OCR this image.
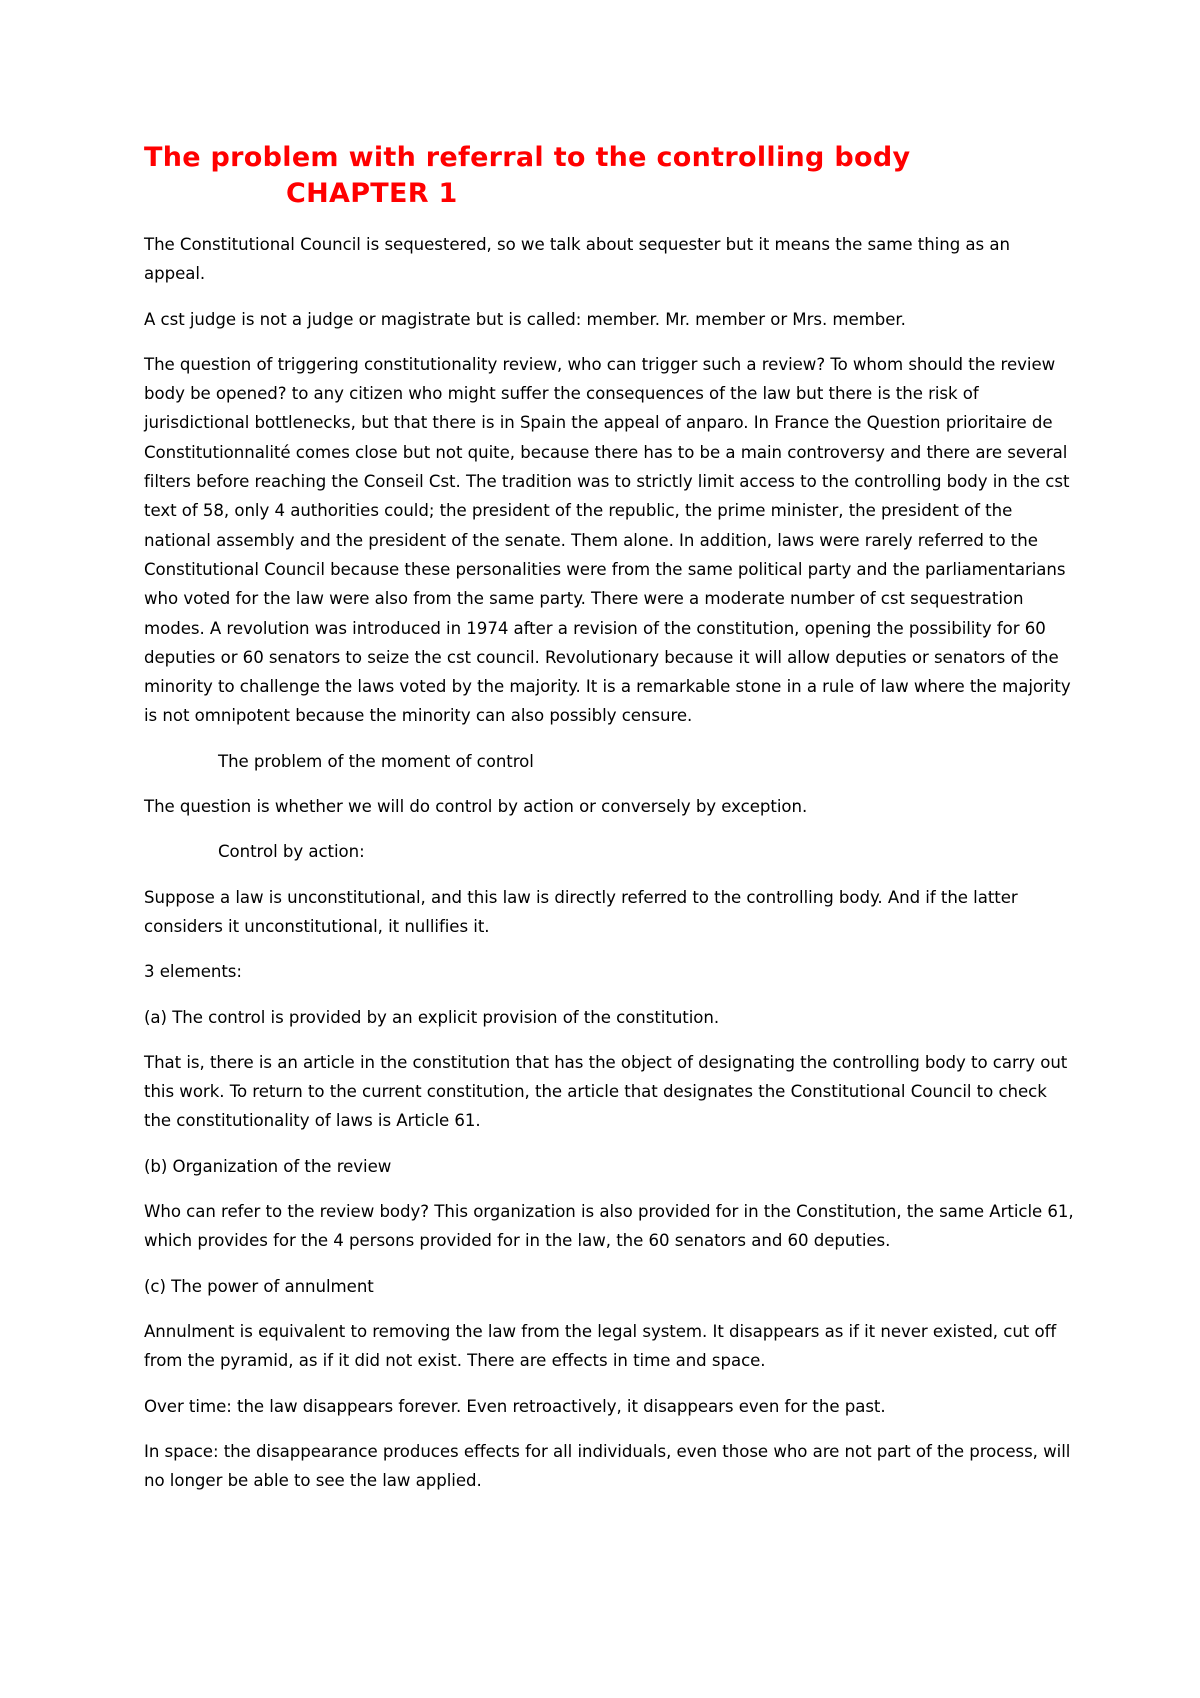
The problem with referral to the controlling body
CHAPTER 1

The Constitutional Council is sequestered, so we talk about sequester but it means the same thing as an appeal.

A cst judge is not a judge or magistrate but is called: member. Mr. member or Mrs. member.

The question of triggering constitutionality review, who can trigger such a review? To whom should the review body be opened? to any citizen who might suffer the consequences of the law but there is the risk of jurisdictional bottlenecks, but that there is in Spain the appeal of anparo. In France the Question prioritaire de Constitutionnalité comes close but not quite, because there has to be a main controversy and there are several filters before reaching the Conseil Cst. The tradition was to strictly limit access to the controlling body in the cst text of 58, only 4 authorities could; the president of the republic, the prime minister, the president of the national assembly and the president of the senate. Them alone. In addition, laws were rarely referred to the Constitutional Council because these personalities were from the same political party and the parliamentarians who voted for the law were also from the same party. There were a moderate number of cst sequestration modes. A revolution was introduced in 1974 after a revision of the constitution, opening the possibility for 60 deputies or 60 senators to seize the cst council. Revolutionary because it will allow deputies or senators of the minority to challenge the laws voted by the majority. It is a remarkable stone in a rule of law where the majority is not omnipotent because the minority can also possibly censure.

The problem of the moment of control

The question is whether we will do control by action or conversely by exception.

Control by action:

Suppose a law is unconstitutional, and this law is directly referred to the controlling body. And if the latter considers it unconstitutional, it nullifies it.

3 elements:

(a) The control is provided by an explicit provision of the constitution.

That is, there is an article in the constitution that has the object of designating the controlling body to carry out this work. To return to the current constitution, the article that designates the Constitutional Council to check the constitutionality of laws is Article 61.

(b) Organization of the review

Who can refer to the review body? This organization is also provided for in the Constitution, the same Article 61, which provides for the 4 persons provided for in the law, the 60 senators and 60 deputies.

(c) The power of annulment

Annulment is equivalent to removing the law from the legal system. It disappears as if it never existed, cut off from the pyramid, as if it did not exist. There are effects in time and space.

Over time: the law disappears forever. Even retroactively, it disappears even for the past.

In space: the disappearance produces effects for all individuals, even those who are not part of the process, will no longer be able to see the law applied.
